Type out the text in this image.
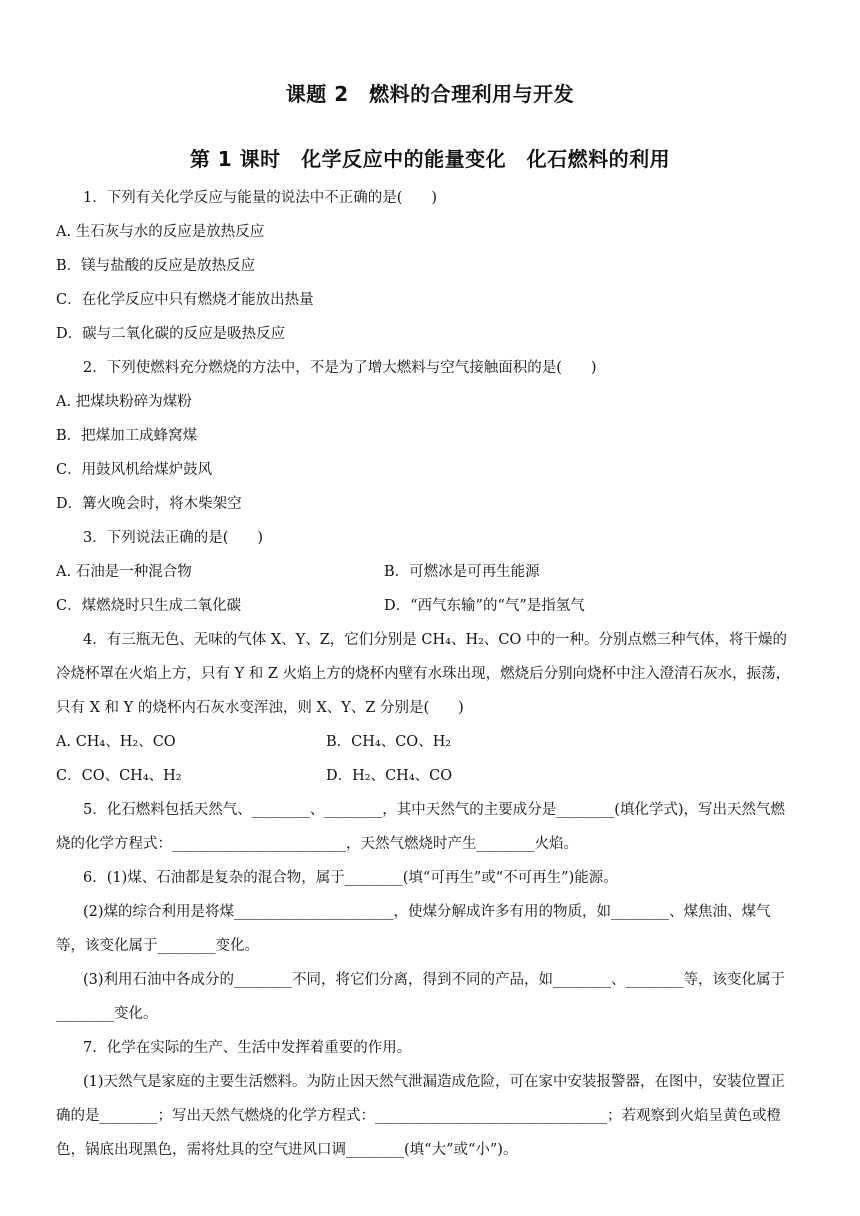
课题 2　燃料的合理利用与开发
第 1 课时　化学反应中的能量变化　化石燃料的利用
1．下列有关化学反应与能量的说法中不正确的是(　　)
A. 生石灰与水的反应是放热反应
B．镁与盐酸的反应是放热反应
C．在化学反应中只有燃烧才能放出热量
D．碳与二氧化碳的反应是吸热反应
2．下列使燃料充分燃烧的方法中，不是为了增大燃料与空气接触面积的是(　　)
A. 把煤块粉碎为煤粉
B．把煤加工成蜂窝煤
C．用鼓风机给煤炉鼓风
D．篝火晚会时，将木柴架空
3．下列说法正确的是(　　)
A. 石油是一种混合物	B．可燃冰是可再生能源
C．煤燃烧时只生成二氧化碳	D．“西气东输”的“气”是指氢气
4．有三瓶无色、无味的气体 X、Y、Z，它们分别是 CH₄、H₂、CO 中的一种。分别点燃三种气体，将干燥的
冷烧杯罩在火焰上方，只有 Y 和 Z 火焰上方的烧杯内壁有水珠出现，燃烧后分别向烧杯中注入澄清石灰水，振荡，
只有 X 和 Y 的烧杯内石灰水变浑浊，则 X、Y、Z 分别是(　　)
A. CH₄、H₂、CO	B．CH₄、CO、H₂
C．CO、CH₄、H₂	D．H₂、CH₄、CO
5．化石燃料包括天然气、________、________，其中天然气的主要成分是________(填化学式)，写出天然气燃
烧的化学方程式：________________________，天然气燃烧时产生________火焰。
6．(1)煤、石油都是复杂的混合物，属于________(填“可再生”或“不可再生”)能源。
(2)煤的综合利用是将煤______________________，使煤分解成许多有用的物质，如________、煤焦油、煤气
等，该变化属于________变化。
(3)利用石油中各成分的________不同，将它们分离，得到不同的产品，如________、________等，该变化属于
________变化。
7．化学在实际的生产、生活中发挥着重要的作用。
(1)天然气是家庭的主要生活燃料。为防止因天然气泄漏造成危险，可在家中安装报警器，在图中，安装位置正
确的是________；写出天然气燃烧的化学方程式：________________________________；若观察到火焰呈黄色或橙
色，锅底出现黑色，需将灶具的空气进风口调________(填“大”或“小”)。
